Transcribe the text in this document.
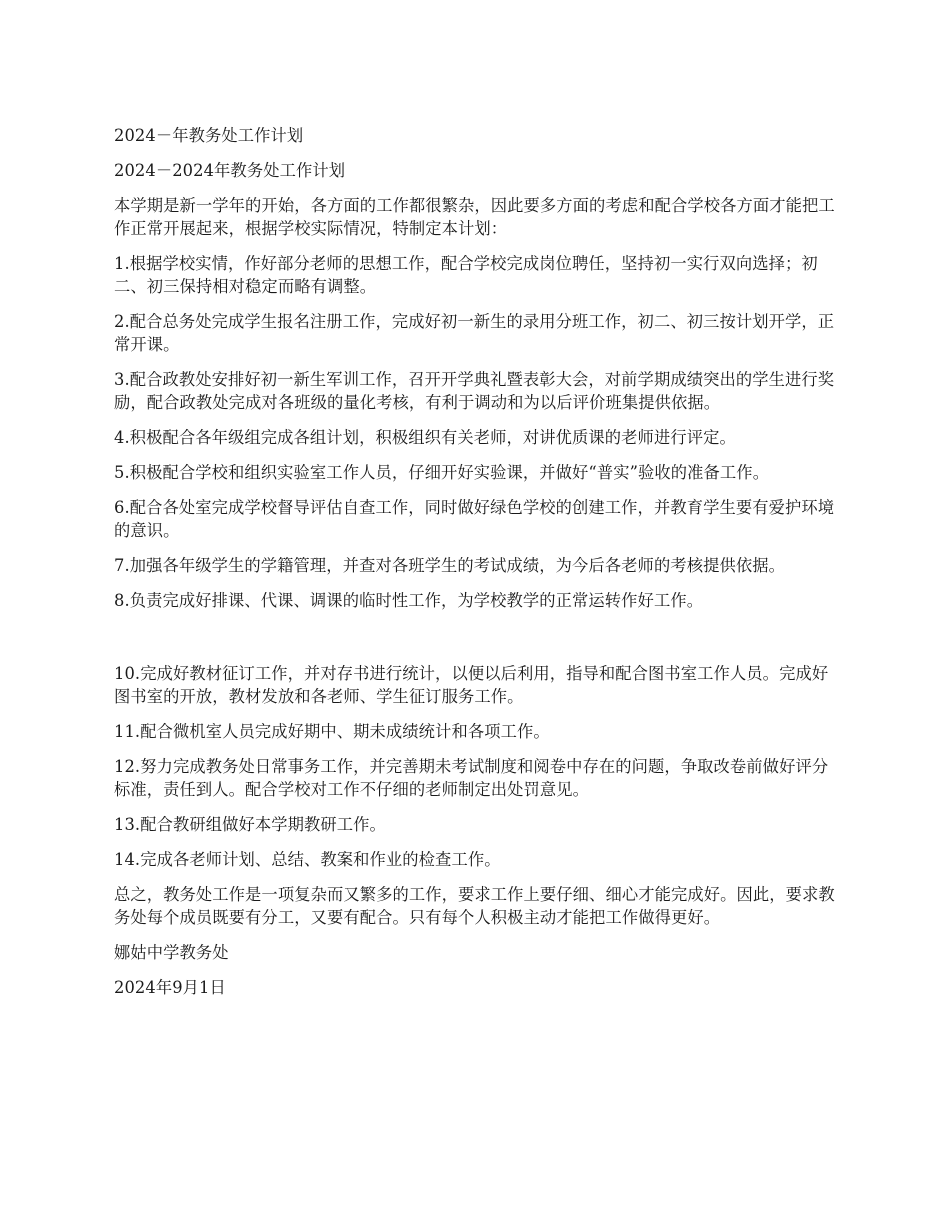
2024－年教务处工作计划

2024－2024年教务处工作计划

本学期是新一学年的开始，各方面的工作都很繁杂，因此要多方面的考虑和配合学校各方面才能把工作正常开展起来，根据学校实际情况，特制定本计划：

1.根据学校实情，作好部分老师的思想工作，配合学校完成岗位聘任，坚持初一实行双向选择；初二、初三保持相对稳定而略有调整。

2.配合总务处完成学生报名注册工作，完成好初一新生的录用分班工作，初二、初三按计划开学，正常开课。

3.配合政教处安排好初一新生军训工作，召开开学典礼暨表彰大会，对前学期成绩突出的学生进行奖励，配合政教处完成对各班级的量化考核，有利于调动和为以后评价班集提供依据。

4.积极配合各年级组完成各组计划，积极组织有关老师，对讲优质课的老师进行评定。

5.积极配合学校和组织实验室工作人员，仔细开好实验课，并做好“普实”验收的准备工作。

6.配合各处室完成学校督导评估自查工作，同时做好绿色学校的创建工作，并教育学生要有爱护环境的意识。

7.加强各年级学生的学籍管理，并查对各班学生的考试成绩，为今后各老师的考核提供依据。

8.负责完成好排课、代课、调课的临时性工作，为学校教学的正常运转作好工作。

10.完成好教材征订工作，并对存书进行统计，以便以后利用，指导和配合图书室工作人员。完成好图书室的开放，教材发放和各老师、学生征订服务工作。

11.配合微机室人员完成好期中、期未成绩统计和各项工作。

12.努力完成教务处日常事务工作，并完善期未考试制度和阅卷中存在的问题，争取改卷前做好评分标准，责任到人。配合学校对工作不仔细的老师制定出处罚意见。

13.配合教研组做好本学期教研工作。

14.完成各老师计划、总结、教案和作业的检查工作。

总之，教务处工作是一项复杂而又繁多的工作，要求工作上要仔细、细心才能完成好。因此，要求教务处每个成员既要有分工，又要有配合。只有每个人积极主动才能把工作做得更好。

娜姑中学教务处

2024年9月1日
